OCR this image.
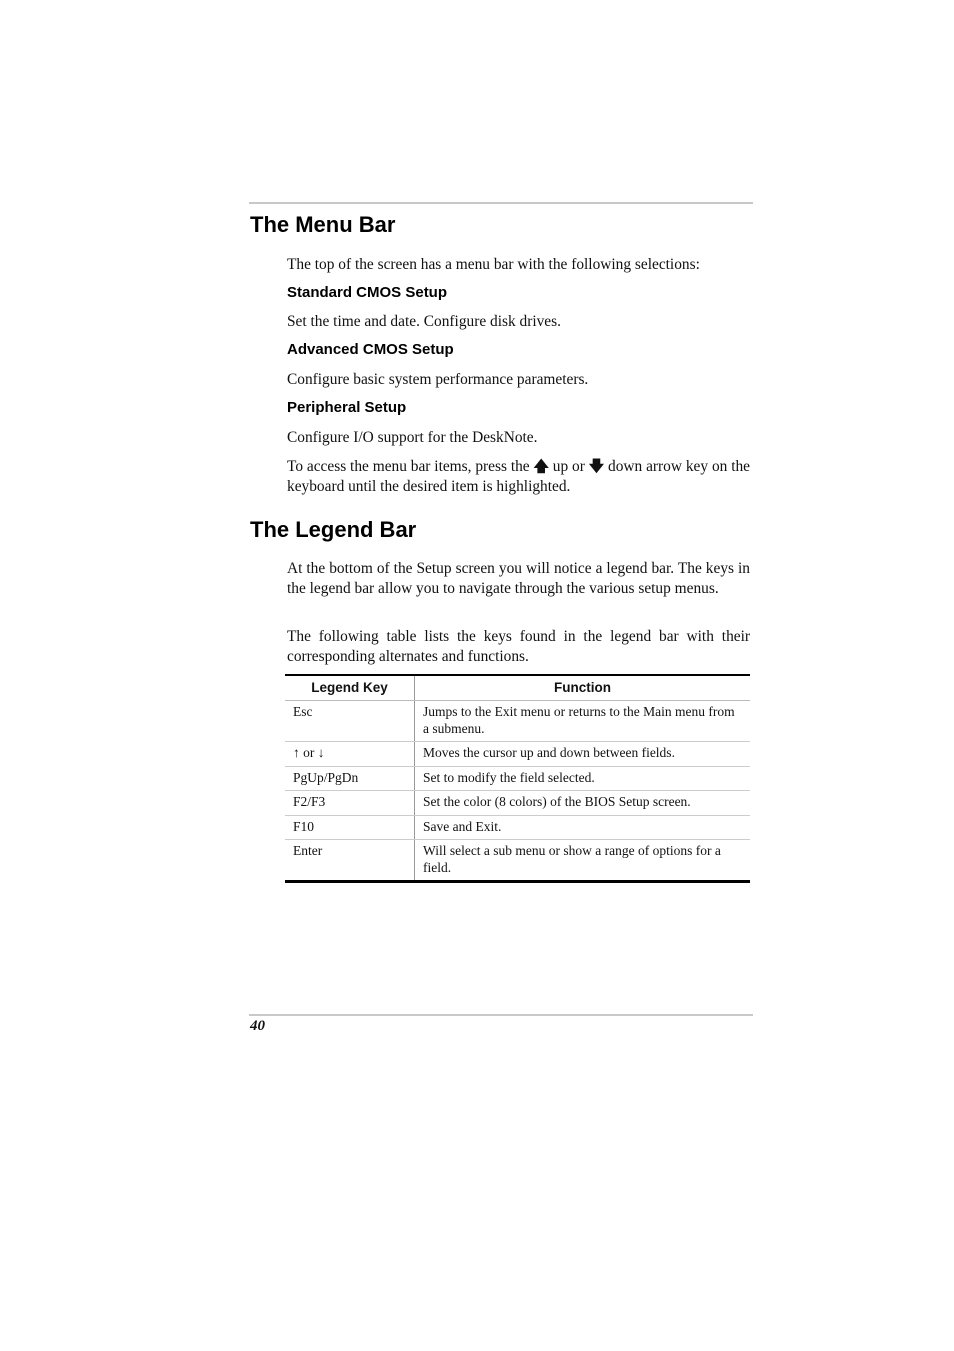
The Menu Bar

The top of the screen has a menu bar with the following selections:

Standard CMOS Setup

Set the time and date. Configure disk drives.

Advanced CMOS Setup

Configure basic system performance parameters.

Peripheral Setup

Configure I/O support for the DeskNote.

To access the menu bar items, press the 🡅 up or 🡇 down arrow key on the keyboard until the desired item is highlighted.

The Legend Bar

At the bottom of the Setup screen you will notice a legend bar. The keys in the legend bar allow you to navigate through the various setup menus.

The following table lists the keys found in the legend bar with their corresponding alternates and functions.

Legend Key	Function
Esc	Jumps to the Exit menu or returns to the Main menu from a submenu.
↑ or ↓	Moves the cursor up and down between fields.
PgUp/PgDn	Set to modify the field selected.
F2/F3	Set the color (8 colors) of the BIOS Setup screen.
F10	Save and Exit.
Enter	Will select a sub menu or show a range of options for a field.
40
